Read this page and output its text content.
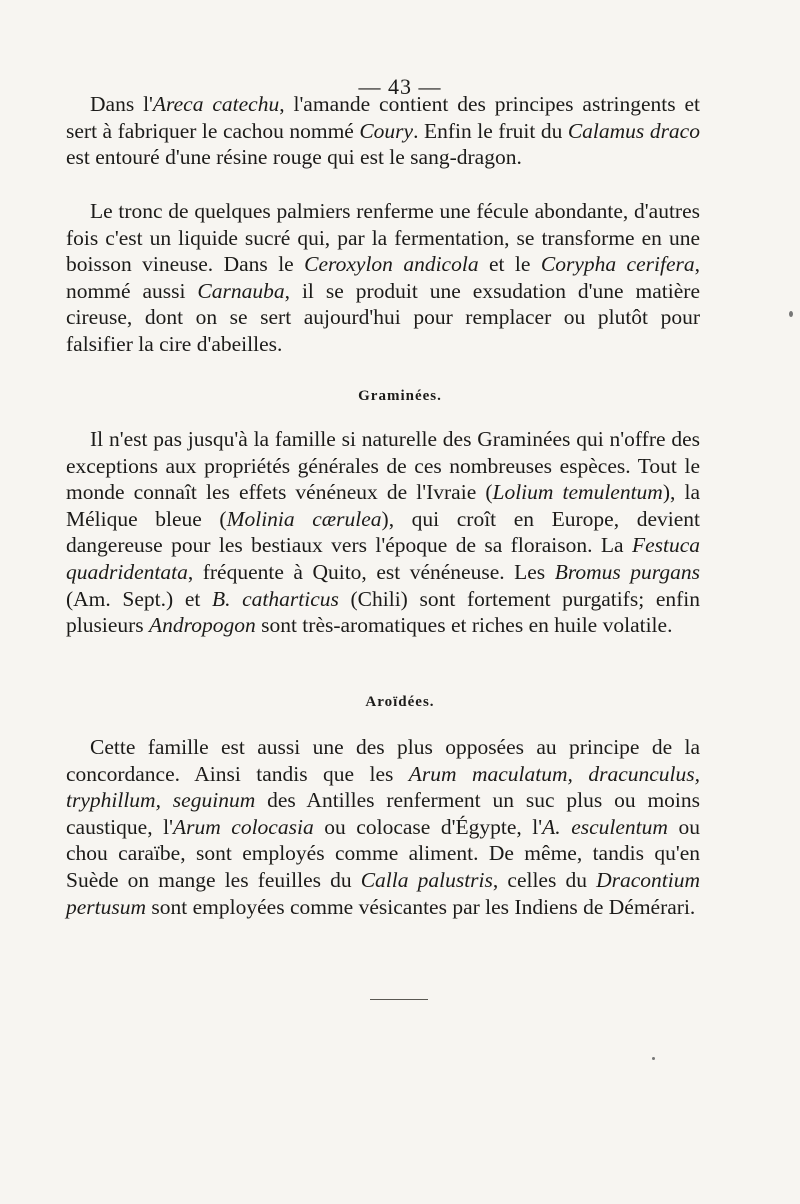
— 43 —

Dans l'Areca catechu, l'amande contient des principes astringents et sert à fabriquer le cachou nommé Coury. Enfin le fruit du Calamus draco est entouré d'une résine rouge qui est le sang-dragon.

Le tronc de quelques palmiers renferme une fécule abondante, d'autres fois c'est un liquide sucré qui, par la fermentation, se transforme en une boisson vineuse. Dans le Ceroxylon andicola et le Corypha cerifera, nommé aussi Carnauba, il se produit une exsudation d'une matière cireuse, dont on se sert aujourd'hui pour remplacer ou plutôt pour falsifier la cire d'abeilles.

Graminées.

Il n'est pas jusqu'à la famille si naturelle des Graminées qui n'offre des exceptions aux propriétés générales de ces nombreuses espèces. Tout le monde connaît les effets vénéneux de l'Ivraie (Lolium temulentum), la Mélique bleue (Molinia cærulea), qui croît en Europe, devient dangereuse pour les bestiaux vers l'époque de sa floraison. La Festuca quadridentata, fréquente à Quito, est vénéneuse. Les Bromus purgans (Am. Sept.) et B. catharticus (Chili) sont fortement purgatifs; enfin plusieurs Andropogon sont très-aromatiques et riches en huile volatile.

Aroïdées.

Cette famille est aussi une des plus opposées au principe de la concordance. Ainsi tandis que les Arum maculatum, dracunculus, tryphillum, seguinum des Antilles renferment un suc plus ou moins caustique, l'Arum colocasia ou colocase d'Égypte, l'A. esculentum ou chou caraïbe, sont employés comme aliment. De même, tandis qu'en Suède on mange les feuilles du Calla palustris, celles du Dracontium pertusum sont employées comme vésicantes par les Indiens de Démérari.
